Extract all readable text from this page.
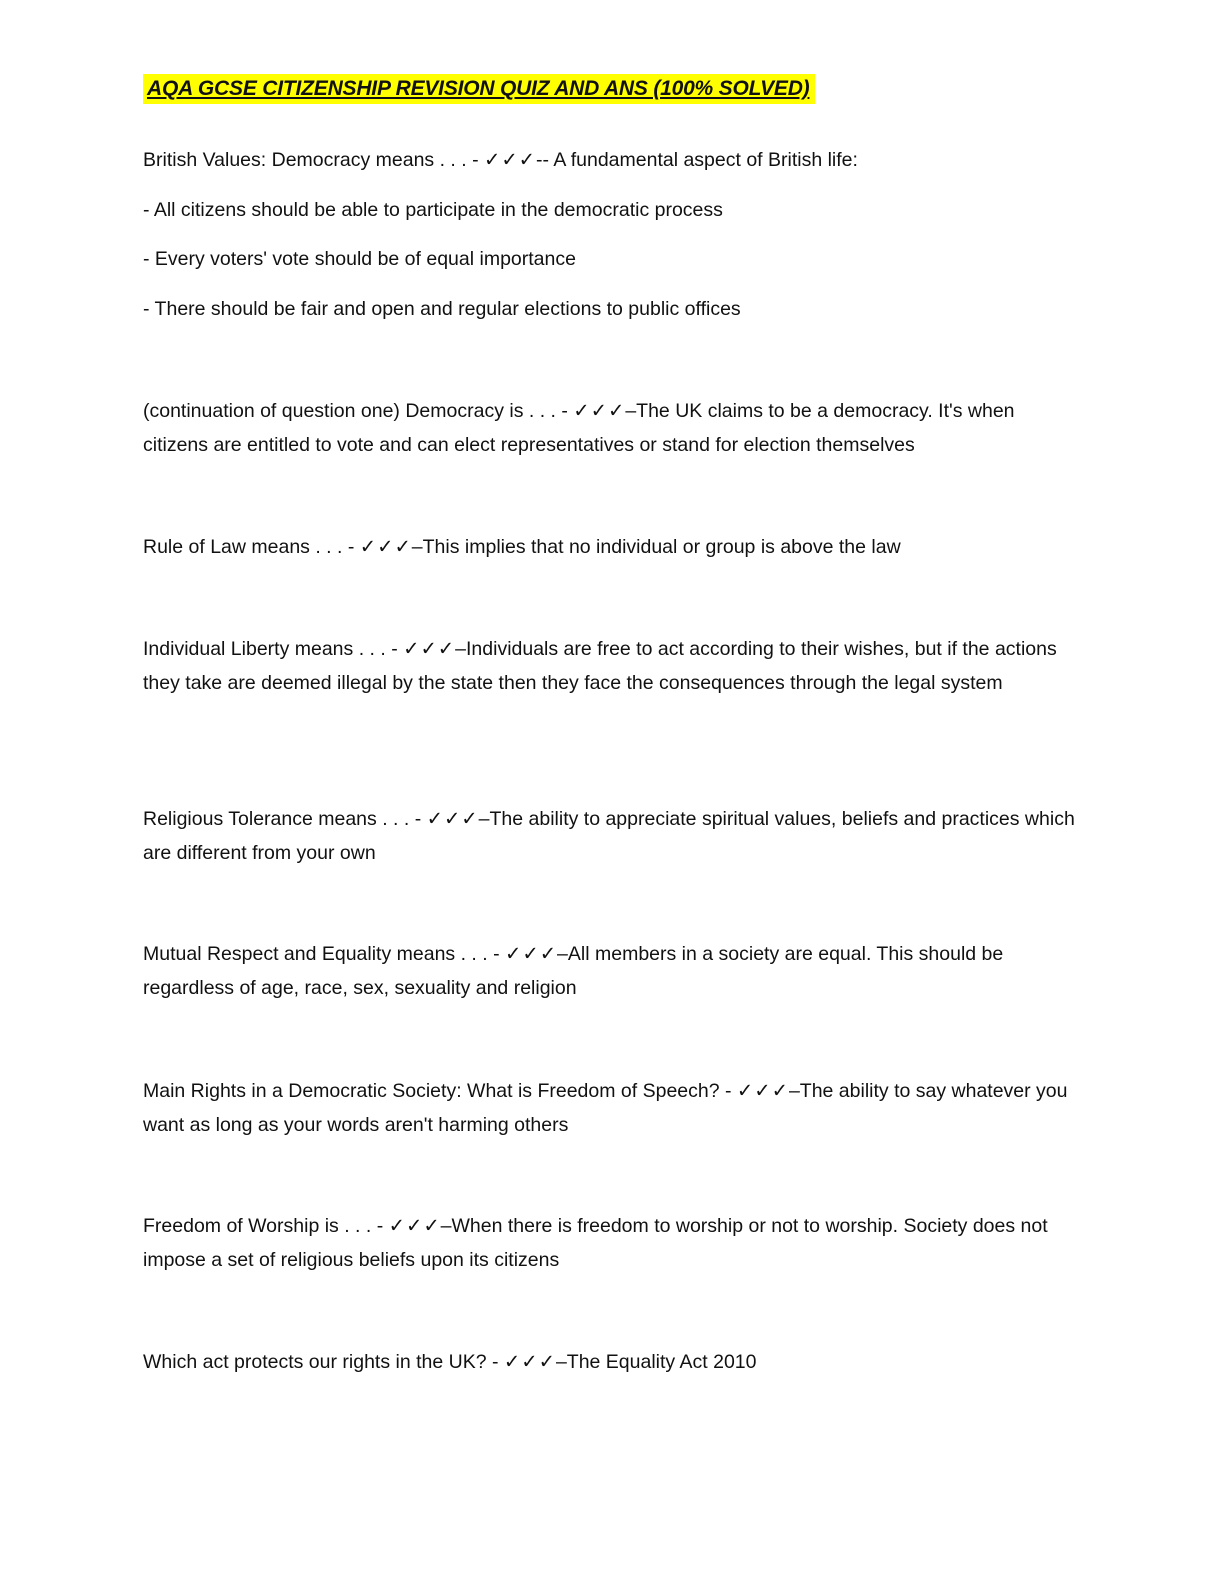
AQA GCSE CITIZENSHIP REVISION QUIZ AND ANS (100% SOLVED)
British Values: Democracy means . . . - ✓✓✓-- A fundamental aspect of British life:
- All citizens should be able to participate in the democratic process
- Every voters' vote should be of equal importance
- There should be fair and open and regular elections to public offices
(continuation of question one) Democracy is . . . - ✓✓✓–The UK claims to be a democracy. It's when citizens are entitled to vote and can elect representatives or stand for election themselves
Rule of Law means . . . - ✓✓✓–This implies that no individual or group is above the law
Individual Liberty means . . . - ✓✓✓–Individuals are free to act according to their wishes, but if the actions they take are deemed illegal by the state then they face the consequences through the legal system
Religious Tolerance means . . . - ✓✓✓–The ability to appreciate spiritual values, beliefs and practices which are different from your own
Mutual Respect and Equality means . . . - ✓✓✓–All members in a society are equal. This should be regardless of age, race, sex, sexuality and religion
Main Rights in a Democratic Society: What is Freedom of Speech? - ✓✓✓–The ability to say whatever you want as long as your words aren't harming others
Freedom of Worship is . . . - ✓✓✓–When there is freedom to worship or not to worship. Society does not impose a set of religious beliefs upon its citizens
Which act protects our rights in the UK? - ✓✓✓–The Equality Act 2010
